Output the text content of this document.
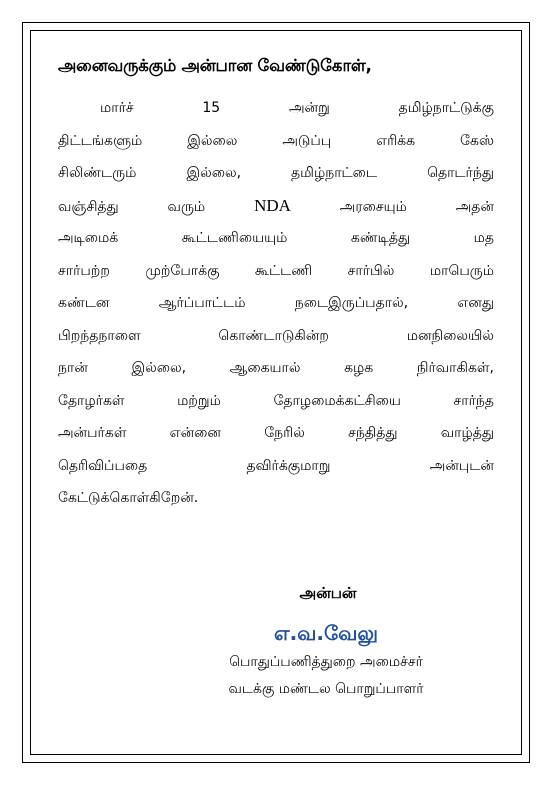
அனைவருக்கும் அன்பான வேண்டுகோள்,
மார்ச் 15 அன்று தமிழ்நாட்டுக்கு
திட்டங்களும் இல்லை அடுப்பு எரிக்க கேஸ்
சிலிண்டரும் இல்லை, தமிழ்நாட்டை தொடர்ந்து
வஞ்சித்து வரும் NDA அரசையும் அதன்
அடிமைக் கூட்டணியையும் கண்டித்து மத
சார்பற்ற முற்போக்கு கூட்டணி சார்பில் மாபெரும்
கண்டன ஆர்ப்பாட்டம் நடைஇருப்பதால், எனது
பிறந்தநாளை கொண்டாடுகின்ற மனநிலையில்
நான் இல்லை, ஆகையால் கழக நிர்வாகிகள்,
தோழர்கள் மற்றும் தோழமைக்கட்சியை சார்ந்த
அன்பர்கள் என்னை நேரில் சந்தித்து வாழ்த்து
தெரிவிப்பதை தவிர்க்குமாறு அன்புடன்
கேட்டுக்கொள்கிறேன்.
அன்பன்
எ.வ.வேலு
பொதுப்பணித்துறை அமைச்சர்
வடக்கு மண்டல பொறுப்பாளர்
